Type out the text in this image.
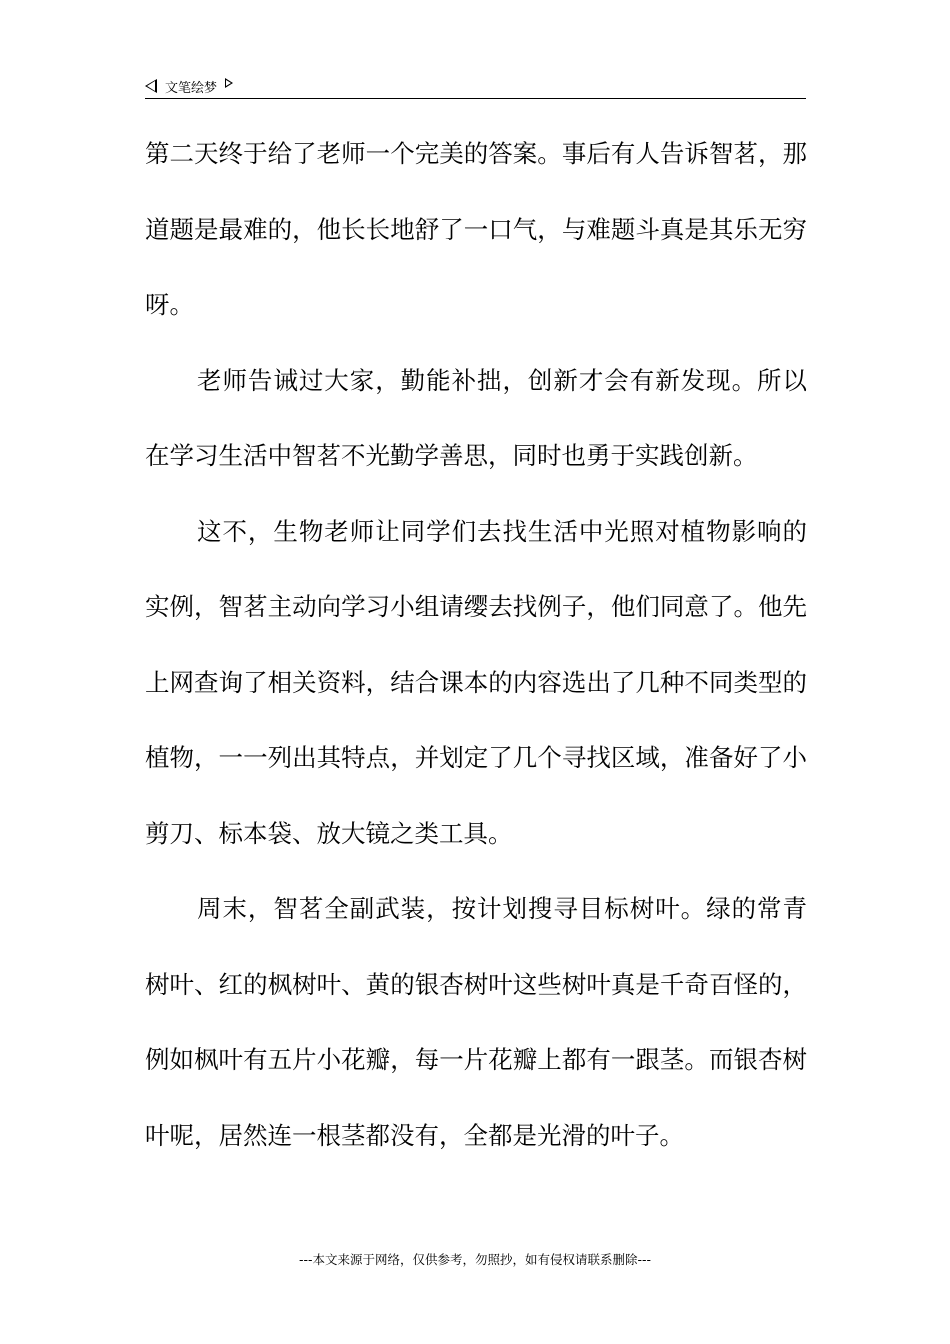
文笔绘梦

第二天终于给了老师一个完美的答案。事后有人告诉智茗，那道题是最难的，他长长地舒了一口气，与难题斗真是其乐无穷呀。

老师告诫过大家，勤能补拙，创新才会有新发现。所以在学习生活中智茗不光勤学善思，同时也勇于实践创新。

这不，生物老师让同学们去找生活中光照对植物影响的实例，智茗主动向学习小组请缨去找例子，他们同意了。他先上网查询了相关资料，结合课本的内容选出了几种不同类型的植物，一一列出其特点，并划定了几个寻找区域，准备好了小剪刀、标本袋、放大镜之类工具。

周末，智茗全副武装，按计划搜寻目标树叶。绿的常青树叶、红的枫树叶、黄的银杏树叶这些树叶真是千奇百怪的，例如枫叶有五片小花瓣，每一片花瓣上都有一跟茎。而银杏树叶呢，居然连一根茎都没有，全都是光滑的叶子。

---本文来源于网络，仅供参考，勿照抄，如有侵权请联系删除---
